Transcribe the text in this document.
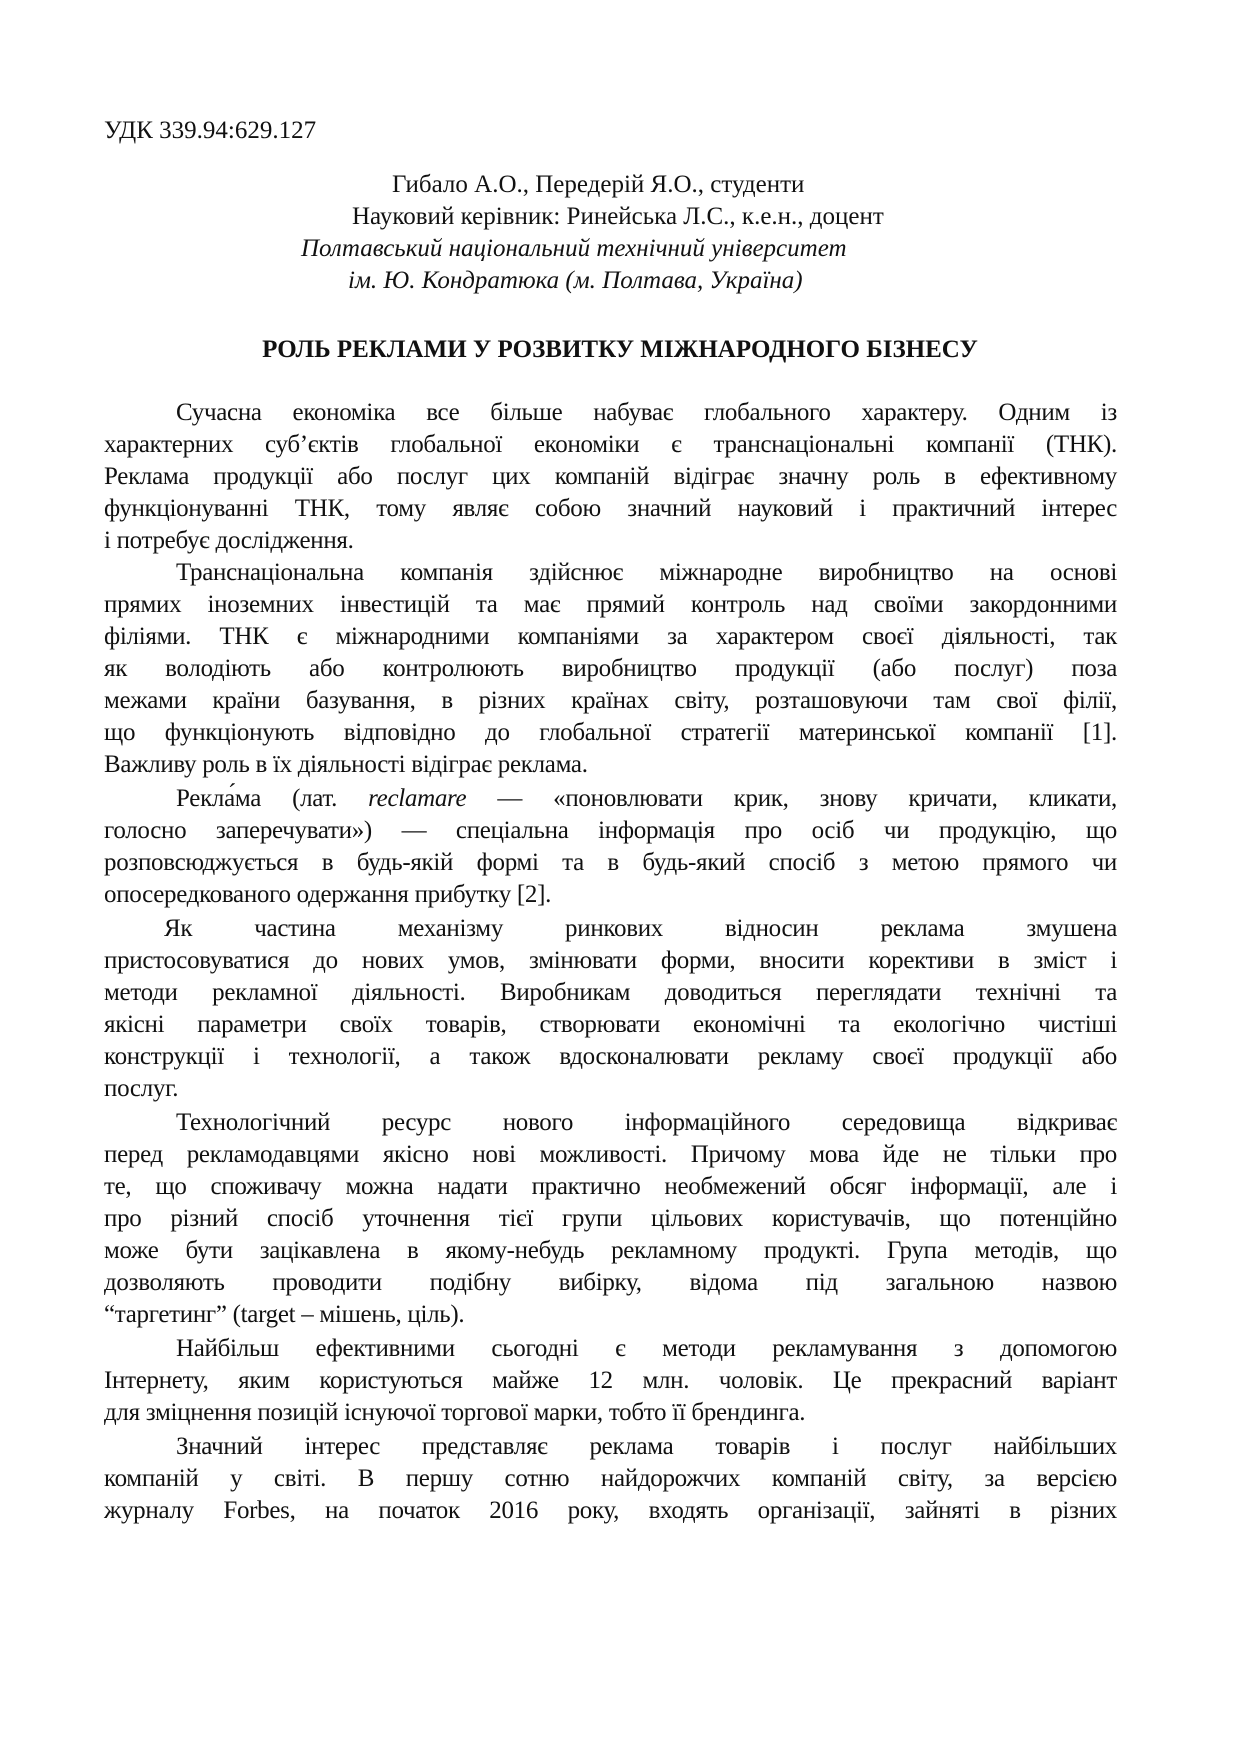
УДК 339.94:629.127
Гибало А.О., Передерій Я.О., студенти
Науковий керівник: Ринейська Л.С., к.е.н., доцент
Полтавський національний технічний університет
ім. Ю. Кондратюка (м. Полтава, Україна)
РОЛЬ РЕКЛАМИ У РОЗВИТКУ МІЖНАРОДНОГО БІЗНЕСУ
Сучасна економіка все більше набуває глобального характеру. Одним із
характерних суб’єктів глобальної економіки є транснаціональні компанії (ТНК).
Реклама продукції або послуг цих компаній відіграє значну роль в ефективному
функціонуванні ТНК, тому являє собою значний науковий і практичний інтерес
і потребує дослідження.
Транснаціональна компанія здійснює міжнародне виробництво на основі
прямих іноземних інвестицій та має прямий контроль над своїми закордонними
філіями. ТНК є міжнародними компаніями за характером своєї діяльності, так
як володіють або контролюють виробництво продукції (або послуг) поза
межами країни базування, в різних країнах світу, розташовуючи там свої філії,
що функціонують відповідно до глобальної стратегії материнської компанії [1].
Важливу роль в їх діяльності відіграє реклама.
Рекла́ма (лат. reclamare — «поновлювати крик, знову кричати, кликати,
голосно заперечувати») — спеціальна інформація про осіб чи продукцію, що
розповсюджується в будь-якій формі та в будь-який спосіб з метою прямого чи
опосередкованого одержання прибутку [2].
Як частина механізму ринкових відносин реклама змушена
пристосовуватися до нових умов, змінювати форми, вносити корективи в зміст і
методи рекламної діяльності. Виробникам доводиться переглядати технічні та
якісні параметри своїх товарів, створювати економічні та екологічно чистіші
конструкції і технології, а також вдосконалювати рекламу своєї продукції або
послуг.
Технологічний ресурс нового інформаційного середовища відкриває
перед рекламодавцями якісно нові можливості. Причому мова йде не тільки про
те, що споживачу можна надати практично необмежений обсяг інформації, але і
про різний спосіб уточнення тієї групи цільових користувачів, що потенційно
може бути зацікавлена в якому-небудь рекламному продукті. Група методів, що
дозволяють проводити подібну вибірку, відома під загальною назвою
“таргетинг” (target – мішень, ціль).
Найбільш ефективними сьогодні є методи рекламування з допомогою
Інтернету, яким користуються майже 12 млн. чоловік. Це прекрасний варіант
для зміцнення позицій існуючої торгової марки, тобто її брендинга.
Значний інтерес представляє реклама товарів і послуг найбільших
компаній у світі. В першу сотню найдорожчих компаній світу, за версією
журналу Forbes, на початок 2016 року, входять організації, зайняті в різних
